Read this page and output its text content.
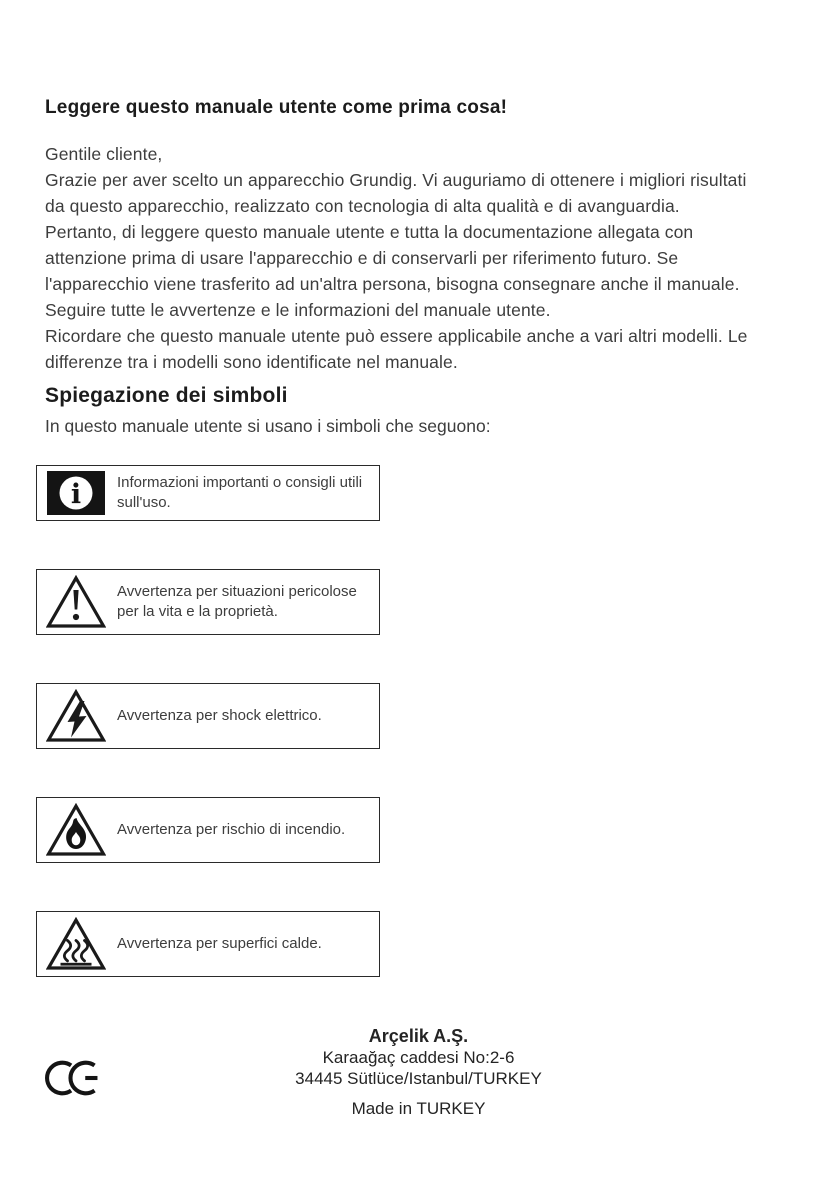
Leggere questo manuale utente come prima cosa!

Gentile cliente,

Grazie per aver scelto un apparecchio Grundig. Vi auguriamo di ottenere i migliori risultati da questo apparecchio, realizzato con tecnologia di alta qualità e di avanguardia. Pertanto, di leggere questo manuale utente e tutta la documentazione allegata con attenzione prima di usare l'apparecchio e di conservarli per riferimento futuro. Se l'apparecchio viene trasferito ad un'altra persona, bisogna consegnare anche il manuale. Seguire tutte le avvertenze e le informazioni del manuale utente.

Ricordare che questo manuale utente può essere applicabile anche a vari altri modelli. Le differenze tra i modelli sono identificate nel manuale.

Spiegazione dei simboli

In questo manuale utente si usano i simboli che seguono:

i	Informazioni importanti o consigli utili sull'uso.
Avvertenza per situazioni pericolose per la vita e la proprietà.
Avvertenza per shock elettrico.
Avvertenza per rischio di incendio.
Avvertenza per superfici calde.
Arçelik A.Ş.
Karaağaç caddesi No:2-6
34445 Sütlüce/Istanbul/TURKEY
Made in TURKEY
